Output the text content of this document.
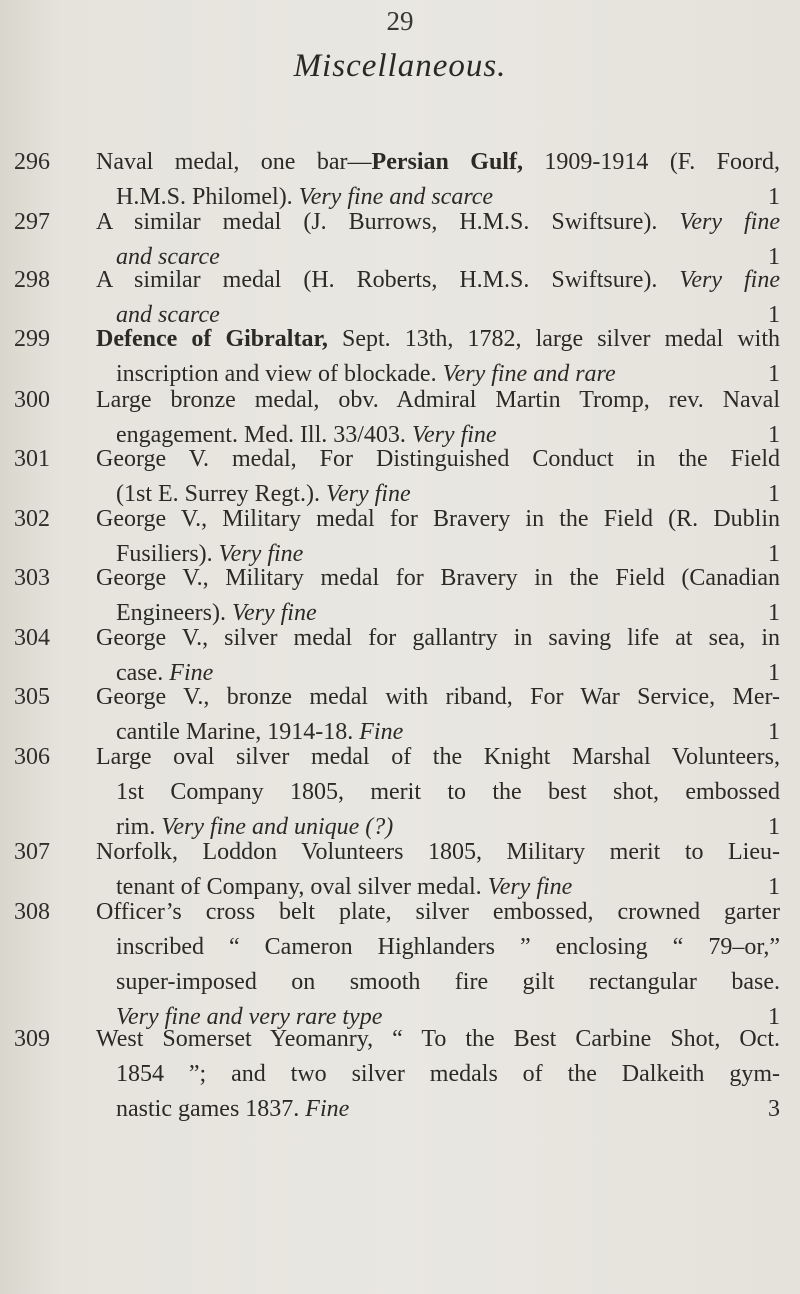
29
Miscellaneous.
296	Naval medal, one bar—Persian Gulf, 1909-1914 (F. Foord,
H.M.S. Philomel). Very fine and scarce	1
297	A similar medal (J. Burrows, H.M.S. Swiftsure). Very fine
and scarce	1
298	A similar medal (H. Roberts, H.M.S. Swiftsure). Very fine
and scarce	1
299	Defence of Gibraltar, Sept. 13th, 1782, large silver medal with
inscription and view of blockade. Very fine and rare	1
300	Large bronze medal, obv. Admiral Martin Tromp, rev. Naval
engagement. Med. Ill. 33/403. Very fine	1
301	George V. medal, For Distinguished Conduct in the Field
(1st E. Surrey Regt.). Very fine	1
302	George V., Military medal for Bravery in the Field (R. Dublin
Fusiliers). Very fine	1
303	George V., Military medal for Bravery in the Field (Canadian
Engineers). Very fine	1
304	George V., silver medal for gallantry in saving life at sea, in
case. Fine	1
305	George V., bronze medal with riband, For War Service, Mer-
cantile Marine, 1914-18. Fine	1
306	Large oval silver medal of the Knight Marshal Volunteers,
1st Company 1805, merit to the best shot, embossed
rim. Very fine and unique (?)	1
307	Norfolk, Loddon Volunteers 1805, Military merit to Lieu-
tenant of Company, oval silver medal. Very fine	1
308	Officer’s cross belt plate, silver embossed, crowned garter
inscribed “ Cameron Highlanders ” enclosing “ 79–or,”
super-imposed on smooth fire gilt rectangular base.
Very fine and very rare type	1
309	West Somerset Yeomanry, “ To the Best Carbine Shot, Oct.
1854 ”; and two silver medals of the Dalkeith gym-
nastic games 1837. Fine	3
